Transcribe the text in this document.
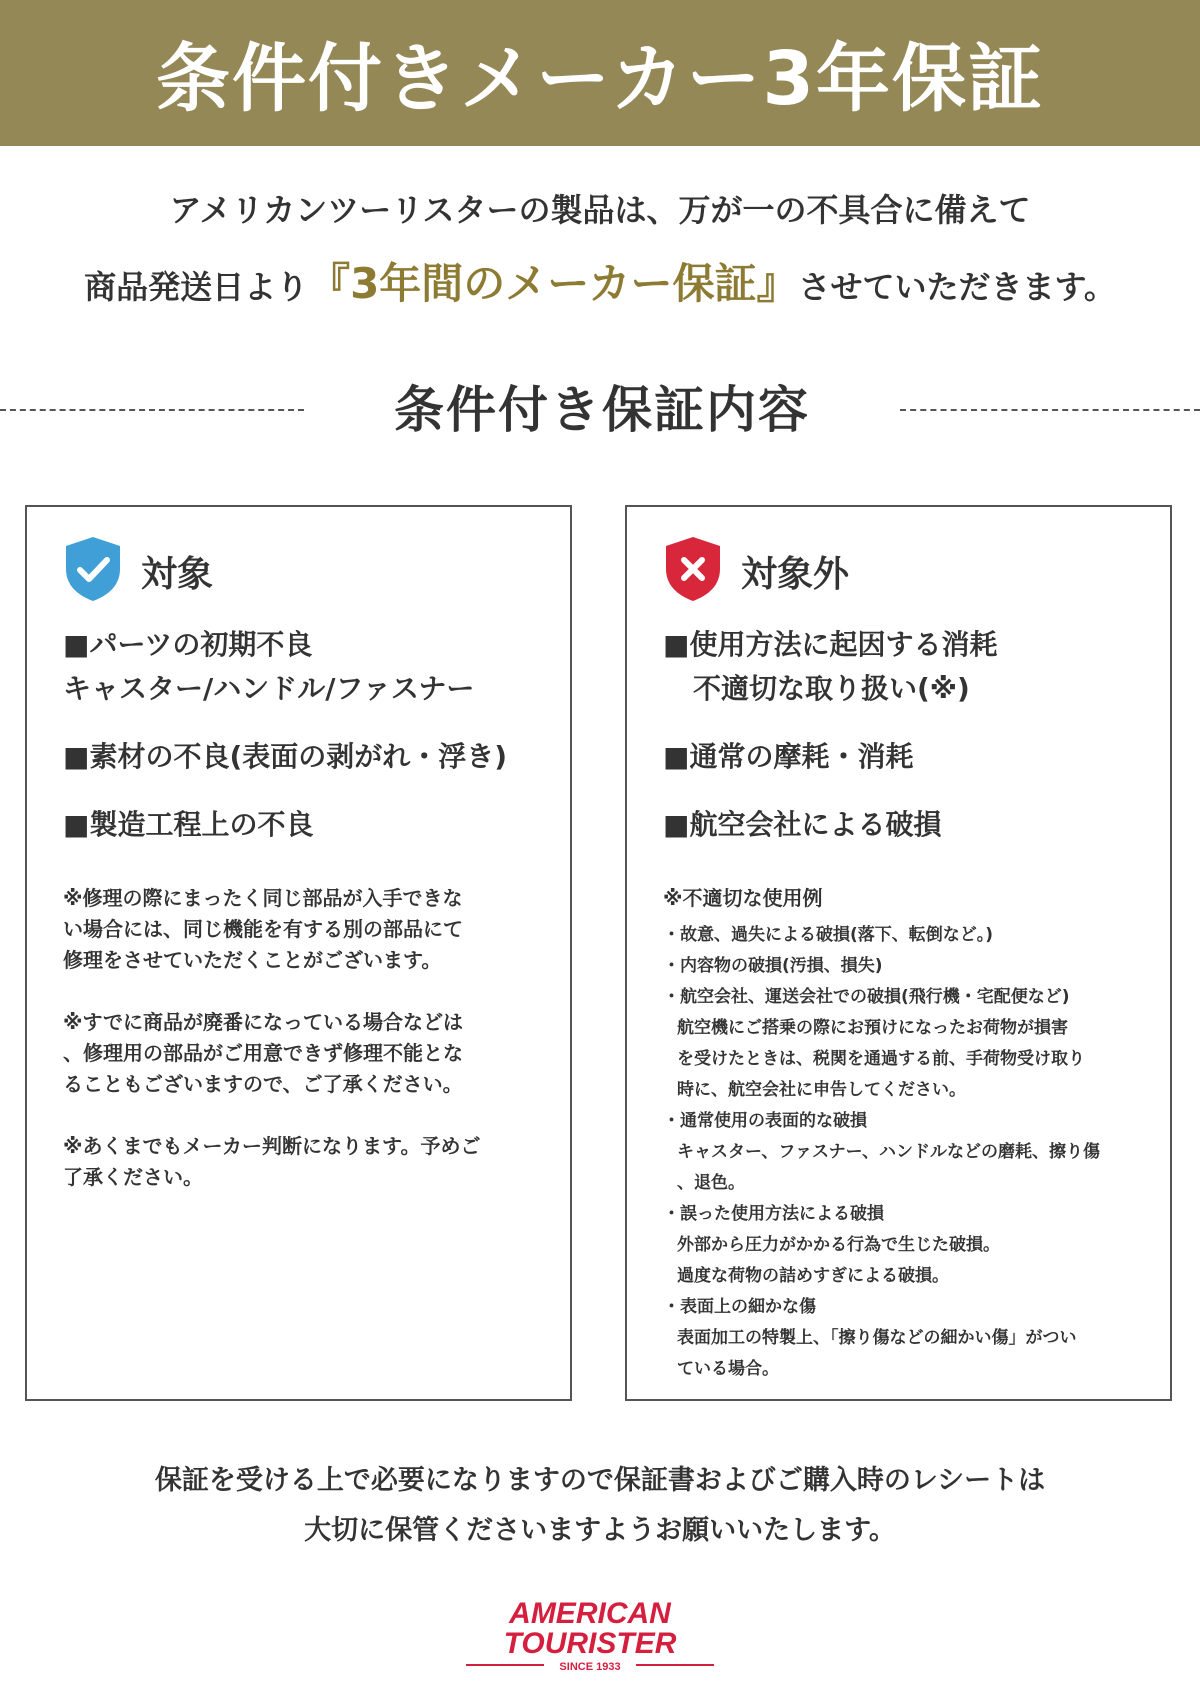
条件付きメーカー3年保証
アメリカンツーリスターの製品は、万が一の不具合に備えて
商品発送日より『3年間のメーカー保証』させていただきます。
条件付き保証内容
対象
■パーツの初期不良
キャスター/ハンドル/ファスナー
■素材の不良(表面の剥がれ・浮き)
■製造工程上の不良
※修理の際にまったく同じ部品が入手できな
い場合には、同じ機能を有する別の部品にて
修理をさせていただくことがございます。
※すでに商品が廃番になっている場合などは
、修理用の部品がご用意できず修理不能とな
ることもございますので、ご了承ください。
※あくまでもメーカー判断になります。予めご
了承ください。
対象外
■使用方法に起因する消耗
不適切な取り扱い(※)
■通常の摩耗・消耗
■航空会社による破損
※不適切な使用例
・故意、過失による破損(落下、転倒など。)
・内容物の破損(汚損、損失)
・航空会社、運送会社での破損(飛行機・宅配便など)
航空機にご搭乗の際にお預けになったお荷物が損害
を受けたときは、税関を通過する前、手荷物受け取り
時に、航空会社に申告してください。
・通常使用の表面的な破損
キャスター、ファスナー、ハンドルなどの磨耗、擦り傷
、退色。
・誤った使用方法による破損
外部から圧力がかかる行為で生じた破損。
過度な荷物の詰めすぎによる破損。
・表面上の細かな傷
表面加工の特製上、「擦り傷などの細かい傷」がつい
ている場合。
保証を受ける上で必要になりますので保証書およびご購入時のレシートは
大切に保管くださいますようお願いいたします。
AMERICAN
TOURISTER
SINCE 1933
